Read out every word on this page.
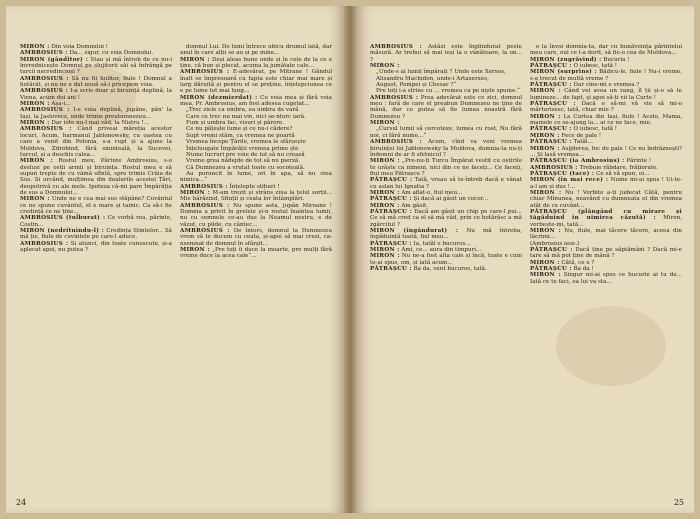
MIRON : Din voia Domnului !

AMBROSIUS : Da... sigur, cu voia Domnului.

MIRON (gânditor) : Stau și mă întreb de ce nu-i învrednicește Domnul pe slujitorii săi să înfrângă pe turcii necredincioși ?

AMBROSIUS : Să nu fii hulitor, fiule ! Domnul a hotărât, și nu ne e dat nouă să-i pricepem voia.

AMBROSIUS : I-a scris doar și biruință deplină, la Viena, acum doi ani !

MIRON : Așa-i...

AMBROSIUS : I-e voia deplină, jupâne, pân' la Iași, la Jaslovecz, unde trimis preutumnezeu...

MIRON : Dar iote nu-l mai văd, la Nistru !...

AMBROSIUS : Când priveai măreția acestor locuri, Acum, harmanul Jablonowsky, cu oastea cu care a venit din Polonia, s-a rupt și a ajuns la Moldova, Zdrobind, fără smintealä, la Sucevei, turcul, și a deschis calea...

MIRON : Rostul meu, Părinte Ambrosius, s-o desluși pe ostii armii și biruința. Rostul meu e să supun trepte de cu vâmă sfîntă, spre trimis Crăia de Sus. Si urcând, mulțimea din dealurile acestei Țări, deopotrivă cu ale mele. Ipoteza că-mi pare Împărăția de sus a Domnului...

MIRON : Unde ne e cea mai sus stăpâne? Cuvântul ce ne spune cuvântul, el e mare și tainic. Ca să-i fie credință ce ne ține...

AMBROSIUS (tulburat) : Ce vorbă rea, părinte, Costin...

MIRON (nedrituindu-l) : Credința Stintelor... Să mă ție, fiule de cuvintele pe care-l aduce.

AMBROSIUS : Si atunci, din toate cunoscute, și-a aplecat apoi, nu putea ?

domnul Lui. De lumi întrece ubicu drumul iată, dar anul în care alții se au și pe mine...

MIRON : Deși aleas bune unde și în cele de la ce e ține, că bun și plecat, acuma la jumătate cale...

AMBROSIUS : E-adevărat, pe Mitrane ! Gândul înalt se împresoară cu fapta este chiar mai mare și larg dăruită și pentru el se preține, înțelepciunea ce e pe lume tot mai lung...

MIRON (dezmierdat) : Cu voia mea și fără voia mea, Pr. Ambrosius, am fost adesea cugetat...

„Trec ziele ca umbra, ea umbra de vară

Care ce trec nu mai vin, nici se-ntorc iară.

Fum și umbra fac, visuri și părere.

Ce nu pățește lume și ce nu-i cădere?

Supt vremi stăm, ca vremea ne poartă

Vremea începe Țările, vremea le sfârșește

Înțeluugate Împărății vremea prime ște

Nume lucruri pre voie de tot să nu crează

Vreme grea nădejde de tot să nu pierză.

Că Dumnezeu a vrutat toate cu socoteală.

Au poruncit în lume, ori în apa, să nu stea nimica...“

AMBROSIUS : Înțelepte stihuri !

MIRON : M-am trezit și strâns ziua la țelul sorții... Mie hărăzind, Sfinții și ceata lor întâmplări.

AMBROSIUS : Nu spune asta, jupân Miroane ! Domnia a privit în grelele și-n rostul înaintea lumii, nu cu semnele ce-au dus la Neamul nostru, e de văzut, cu pilde, cu cântec...

AMBROSIUS : De întors, domnul la Dumnezeu vrem să te ducem cu ceata, și-apoi să mai crezi, ca-nsemnat de domnul în sfârșit...

MIRON : „Pre toți îi duce la moarte, pre mulți fără vreme duce la acea cale“...

24

AMBROSIUS : Astăzi este înglindurat peste măsură. Ar trebui să mai ieși la o vânătoare, la un... ?

MIRON :

„Unde-s ai lumii împărați ? Unde este Xerxes,

Alisandru Machidon, unde-i Artaxerxes,

August, Pompei și Chesar ?“

Pre toți i-a strins cu ... vremea ca pe niște spume.“

AMBROSIUS : Prea adevărat este ce zici, domnul meu : fară de care el preabun Dumnezeu ne ține de mână, dar ce putea să fie lumea noastră fără Dumnezeu ?

MIRON :

„Cursul lumii să cerceteze, lumea cu rost, Nu fără noi, ci fără nume...“

AMBROSIUS : Acum, cînd va veni vremea biruinței lui Jablonowsky la Moldova, domnia-ta nu-ți îndemni de ar fi sfetnicul ?

MIRON : „Pre-nu-ți Turcu Împărat vestit cu oștirile te urăște ca nimeni, nici din ce ne faceți... Ce faceți, fiul meu Pătrașcu ?

PĂTRAȘCU : Tată, vreau să te-întreb dacă e vânat cu aslan lui Ignatia ?

MIRON : Am aflat-o, fiul meu...

PĂTRAȘCU : Și dacă ai găsit un cocor...

MIRON : Am găsit.

PĂTRAȘCU : Dacă am găsit un chip pe care-l pui... Ce să mă cred ca el să mă văd, prin ce hotărăsc a mă zgârcitul ?

MIRON (îngândurat) : Nu mă întreba, îngăduință toată, fiul meu...

PĂTRAȘCU : Ia, tatăl e bucuros...

MIRON : Ami, ce... aura din timpuri...

MIRON : Nu ne-a fost alta cale și încă, toate e cum te-ai spus, om, și iată acum...

PĂTRAȘCU : Ba da, sunt bucuros, tată.

e la învoi domnia-ta, dar cu bunăvoința părintelui meu care, oul ce l-a dorit, să fie-o cea de Moldova...

MIRON (zugrăvind) : Bucuria !

PĂTRAȘCU : O iubesc, tată !

MIRON (surprins) : Bădicu-le, fiule ! Nu-i vreme, s-a trecut de multă vreme ?

PĂTRAȘCU : Dar cine-mi e vremea ?

MIRON : Când vei avea un rang, îl ții și-o să te lumineze... de fapt, și apoi să-ți vii la Curte !

PĂTRAȘCU : Dacă o să-mi vă vie să mi-o mărturisesc, tată, chiar mie ?

MIRON : La Curtea din Iași, fiule ! Acolo, Mama, mamele ce se-ajung la... ai ce ne face, mie.

PĂTRAȘCU : O iubesc, tată !

MIRON : Fece de pale !

PĂTRAȘCU : Tatăl...

MIRON : Asijderea, foc de pale ! Ce nu îndrăznești? ... Și lasă vremea...

PĂTRAȘCU (ia Ambrosius) : Părinte !

AMBROSIUS : Trebuie răbdare, frățiorule.

PĂTRAȘCU (tace) : Ce să vă spun, oi...

MIRON (în mai rece) : Nume mi-ai spus ! Ui-te-a-l am și dus !...

MIRON : Nu ! Vorbite a-ți judecat Cătă, pentru chiar Minunea, neavând cu dumneata el din vremea atât de ce cuvânt...

PĂTRAȘCU (plângând cu mirare și tăgăduind în uimirea căzută) : Miron, vorbește-mi, tată...

MIRON : Nu, fiule, mai tăcere tăcere, aceea din lăcrimi...

(Ambrosius iese.)

PĂTRAȘCU : Dacă ține pe săptămâni ? Dacă mi-e tare să mă pot ține de mână ?

MIRON : Cătă, ce e ?

PĂTRAȘCU : Ba da !

MIRON : Singur mi-ai spus ce bucurie ai tu de... Iată ce te faci, ea lui va sta...

25
